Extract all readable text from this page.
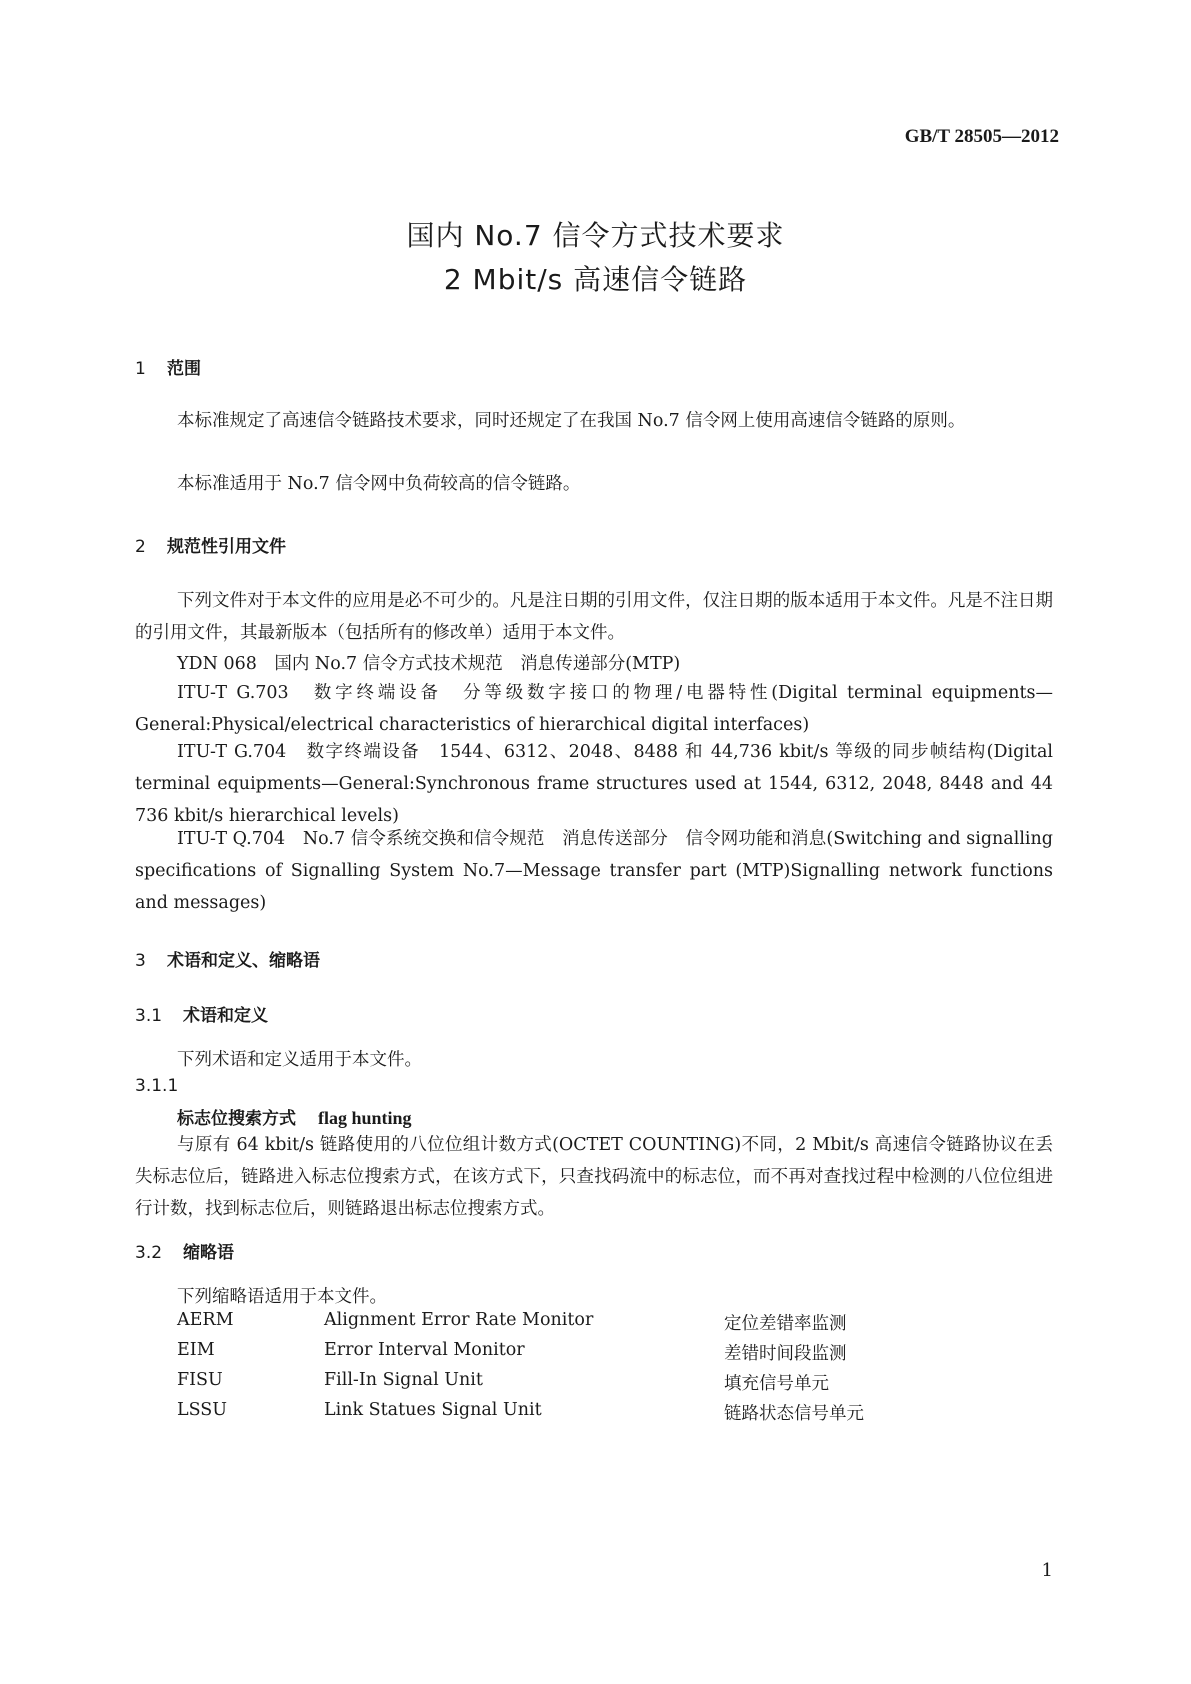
GB/T 28505—2012
国内 No.7 信令方式技术要求
2 Mbit/s 高速信令链路
1 范围
本标准规定了高速信令链路技术要求，同时还规定了在我国 No.7 信令网上使用高速信令链路的原则。
本标准适用于 No.7 信令网中负荷较高的信令链路。
2 规范性引用文件
下列文件对于本文件的应用是必不可少的。凡是注日期的引用文件，仅注日期的版本适用于本文件。凡是不注日期的引用文件，其最新版本（包括所有的修改单）适用于本文件。
YDN 068　国内 No.7 信令方式技术规范　消息传递部分(MTP)
ITU-T G.703　数字终端设备　分等级数字接口的物理/电器特性(Digital terminal equipments—General:Physical/electrical characteristics of hierarchical digital interfaces)
ITU-T G.704　数字终端设备　1544、6312、2048、8488 和 44,736 kbit/s 等级的同步帧结构(Digital terminal equipments—General:Synchronous frame structures used at 1544, 6312, 2048, 8448 and 44 736 kbit/s hierarchical levels)
ITU-T Q.704　No.7 信令系统交换和信令规范　消息传送部分　信令网功能和消息(Switching and signalling specifications of Signalling System No.7—Message transfer part (MTP)Signalling network functions and messages)
3 术语和定义、缩略语
3.1 术语和定义
下列术语和定义适用于本文件。
3.1.1
标志位搜索方式 flag hunting
与原有 64 kbit/s 链路使用的八位位组计数方式(OCTET COUNTING)不同，2 Mbit/s 高速信令链路协议在丢失标志位后，链路进入标志位搜索方式，在该方式下，只查找码流中的标志位，而不再对查找过程中检测的八位位组进行计数，找到标志位后，则链路退出标志位搜索方式。
3.2 缩略语
下列缩略语适用于本文件。
AERM	Alignment Error Rate Monitor	定位差错率监测
EIM	Error Interval Monitor	差错时间段监测
FISU	Fill-In Signal Unit	填充信号单元
LSSU	Link Statues Signal Unit	链路状态信号单元
1
